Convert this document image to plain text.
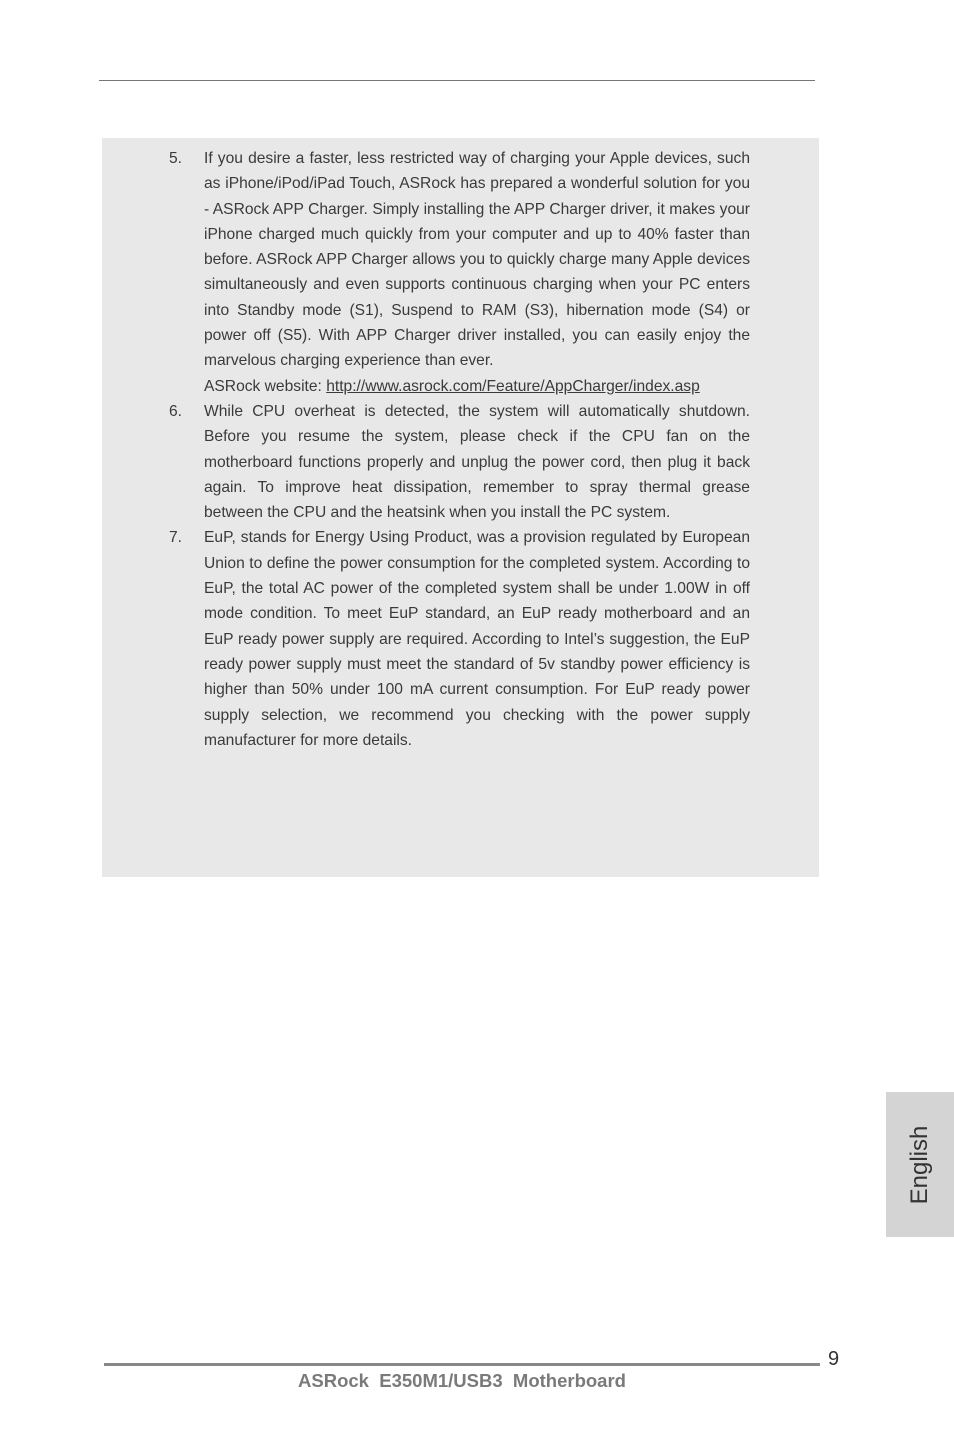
5. If you desire a faster, less restricted way of charging your Apple devices, such as iPhone/iPod/iPad Touch, ASRock has prepared a wonderful solution for you - ASRock APP Charger. Simply installing the APP Charger driver, it makes your iPhone charged much quickly from your computer and up to 40% faster than before. ASRock APP Charger allows you to quickly charge many Apple devices simultaneously and even supports continuous charging when your PC enters into Standby mode (S1), Suspend to RAM (S3), hibernation mode (S4) or power off (S5). With APP Charger driver installed, you can easily enjoy the marvelous charging experience than ever.
ASRock website: http://www.asrock.com/Feature/AppCharger/index.asp
6. While CPU overheat is detected, the system will automatically shutdown. Before you resume the system, please check if the CPU fan on the motherboard functions properly and unplug the power cord, then plug it back again. To improve heat dissipation, remember to spray thermal grease between the CPU and the heatsink when you install the PC system.
7. EuP, stands for Energy Using Product, was a provision regulated by European Union to define the power consumption for the completed system. According to EuP, the total AC power of the completed system shall be under 1.00W in off mode condition. To meet EuP standard, an EuP ready motherboard and an EuP ready power supply are required. According to Intel’s suggestion, the EuP ready power supply must meet the standard of 5v standby power efficiency is higher than 50% under 100 mA current consumption. For EuP ready power supply selection, we recommend you checking with the power supply manufacturer for more details.
English
9
ASRock  E350M1/USB3  Motherboard
